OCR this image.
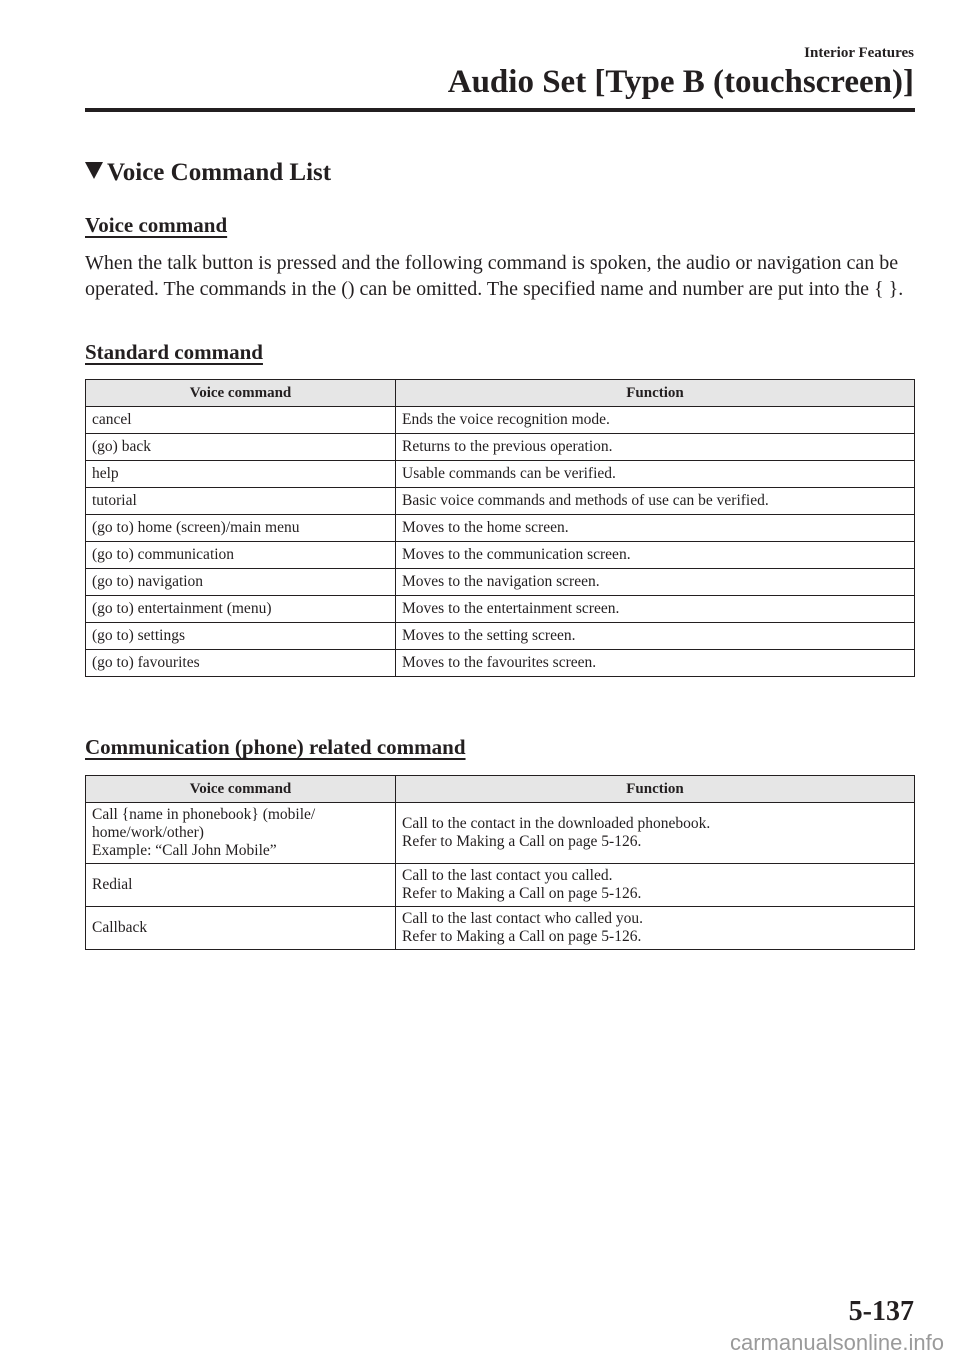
Interior Features
Audio Set [Type B (touchscreen)]
Voice Command List
Voice command
When the talk button is pressed and the following command is spoken, the audio or navigation can be operated. The commands in the () can be omitted. The specified name and number are put into the { }.
Standard command
Voice command	Function
cancel	Ends the voice recognition mode.
(go) back	Returns to the previous operation.
help	Usable commands can be verified.
tutorial	Basic voice commands and methods of use can be verified.
(go to) home (screen)/main menu	Moves to the home screen.
(go to) communication	Moves to the communication screen.
(go to) navigation	Moves to the navigation screen.
(go to) entertainment (menu)	Moves to the entertainment screen.
(go to) settings	Moves to the setting screen.
(go to) favourites	Moves to the favourites screen.
Communication (phone) related command
Voice command	Function
Call {name in phonebook} (mobile/
home/work/other)
Example: “Call John Mobile”	Call to the contact in the downloaded phonebook.
Refer to Making a Call on page 5-126.
Redial	Call to the last contact you called.
Refer to Making a Call on page 5-126.
Callback	Call to the last contact who called you.
Refer to Making a Call on page 5-126.
5-137
carmanualsonline.info
